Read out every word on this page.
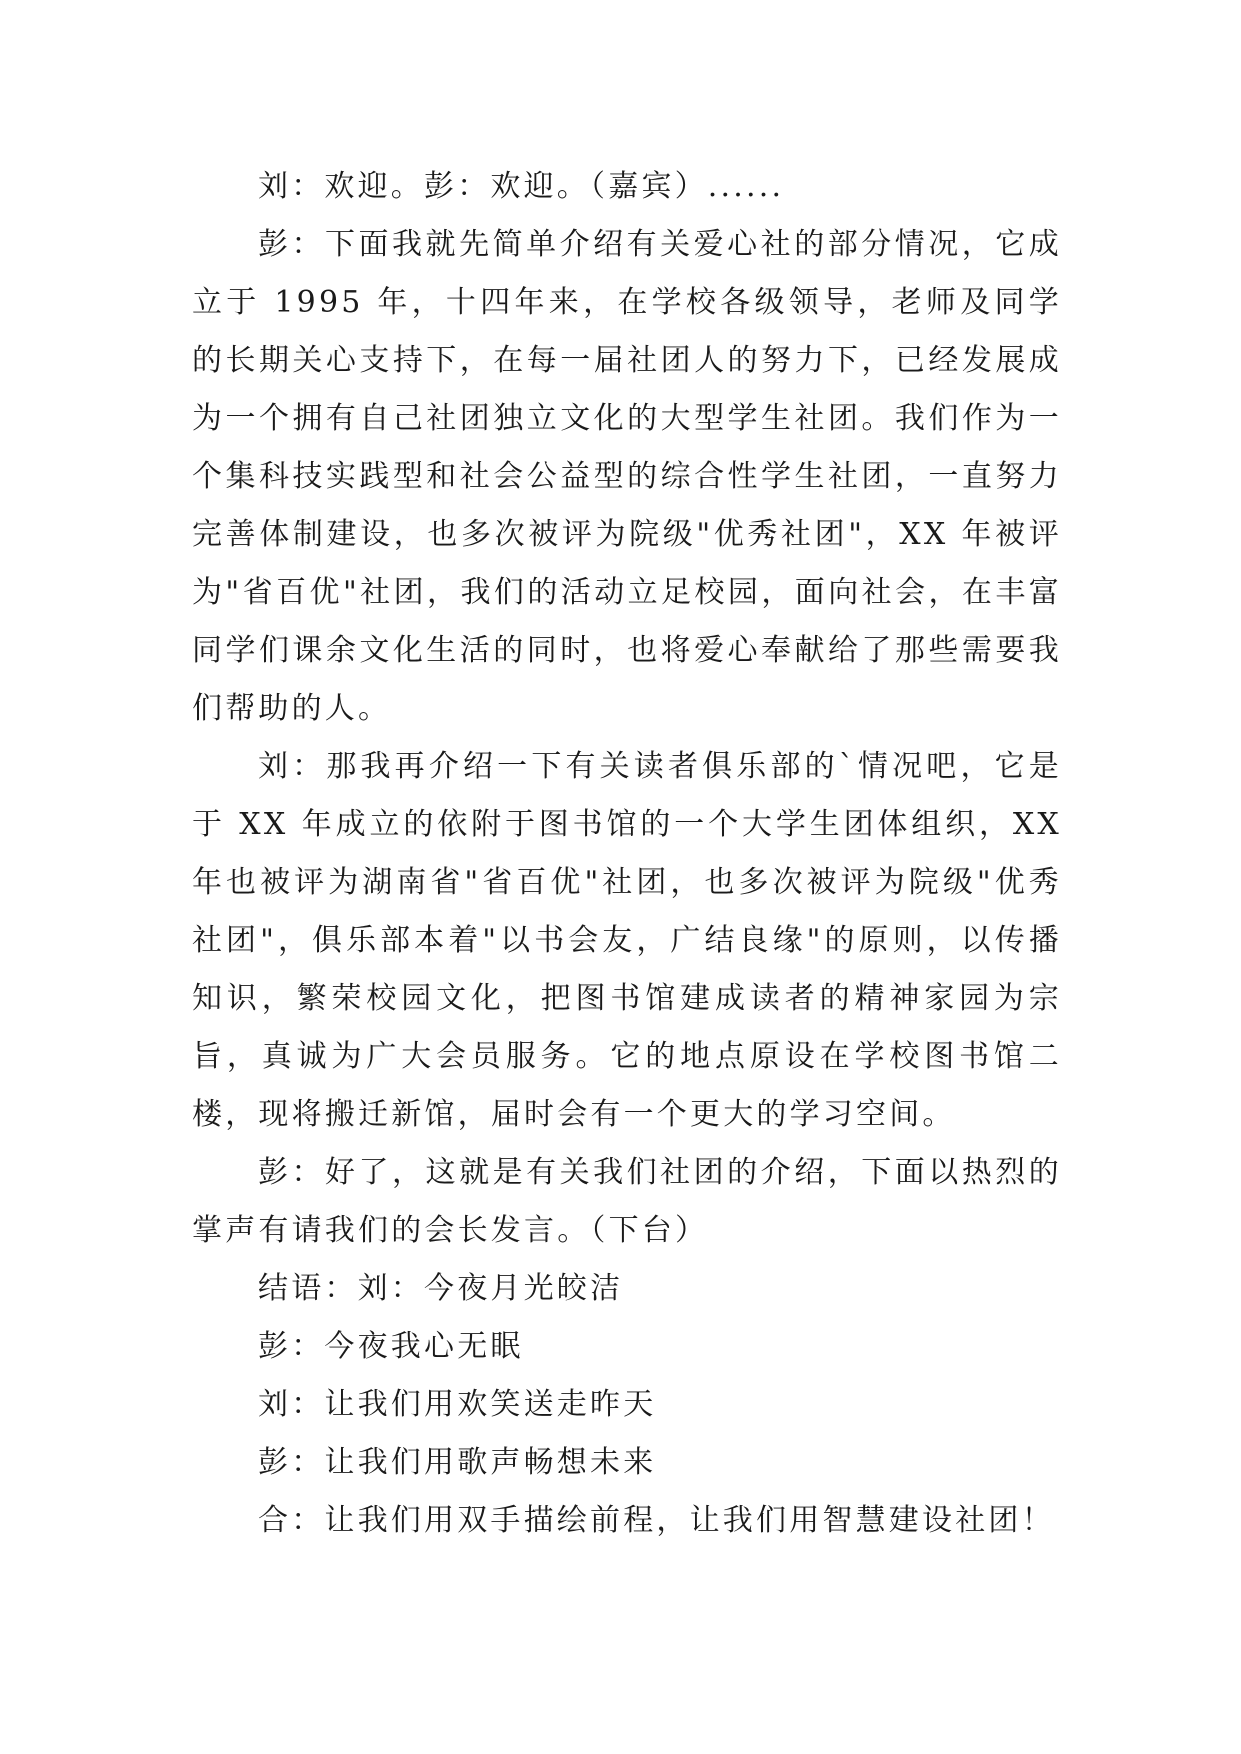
刘：欢迎。彭：欢迎。（嘉宾）......

彭：下面我就先简单介绍有关爱心社的部分情况，它成立于 1995 年，十四年来，在学校各级领导，老师及同学的长期关心支持下，在每一届社团人的努力下，已经发展成为一个拥有自己社团独立文化的大型学生社团。我们作为一个集科技实践型和社会公益型的综合性学生社团，一直努力完善体制建设，也多次被评为院级"优秀社团"，XX 年被评为"省百优"社团，我们的活动立足校园，面向社会，在丰富同学们课余文化生活的同时，也将爱心奉献给了那些需要我们帮助的人。

刘：那我再介绍一下有关读者俱乐部的`情况吧，它是于 XX 年成立的依附于图书馆的一个大学生团体组织，XX 年也被评为湖南省"省百优"社团，也多次被评为院级"优秀社团"，俱乐部本着"以书会友，广结良缘"的原则，以传播知识，繁荣校园文化，把图书馆建成读者的精神家园为宗旨，真诚为广大会员服务。它的地点原设在学校图书馆二楼，现将搬迁新馆，届时会有一个更大的学习空间。

彭：好了，这就是有关我们社团的介绍，下面以热烈的掌声有请我们的会长发言。（下台）

结语：刘：今夜月光皎洁

彭：今夜我心无眠

刘：让我们用欢笑送走昨天

彭：让我们用歌声畅想未来

合：让我们用双手描绘前程，让我们用智慧建设社团！
